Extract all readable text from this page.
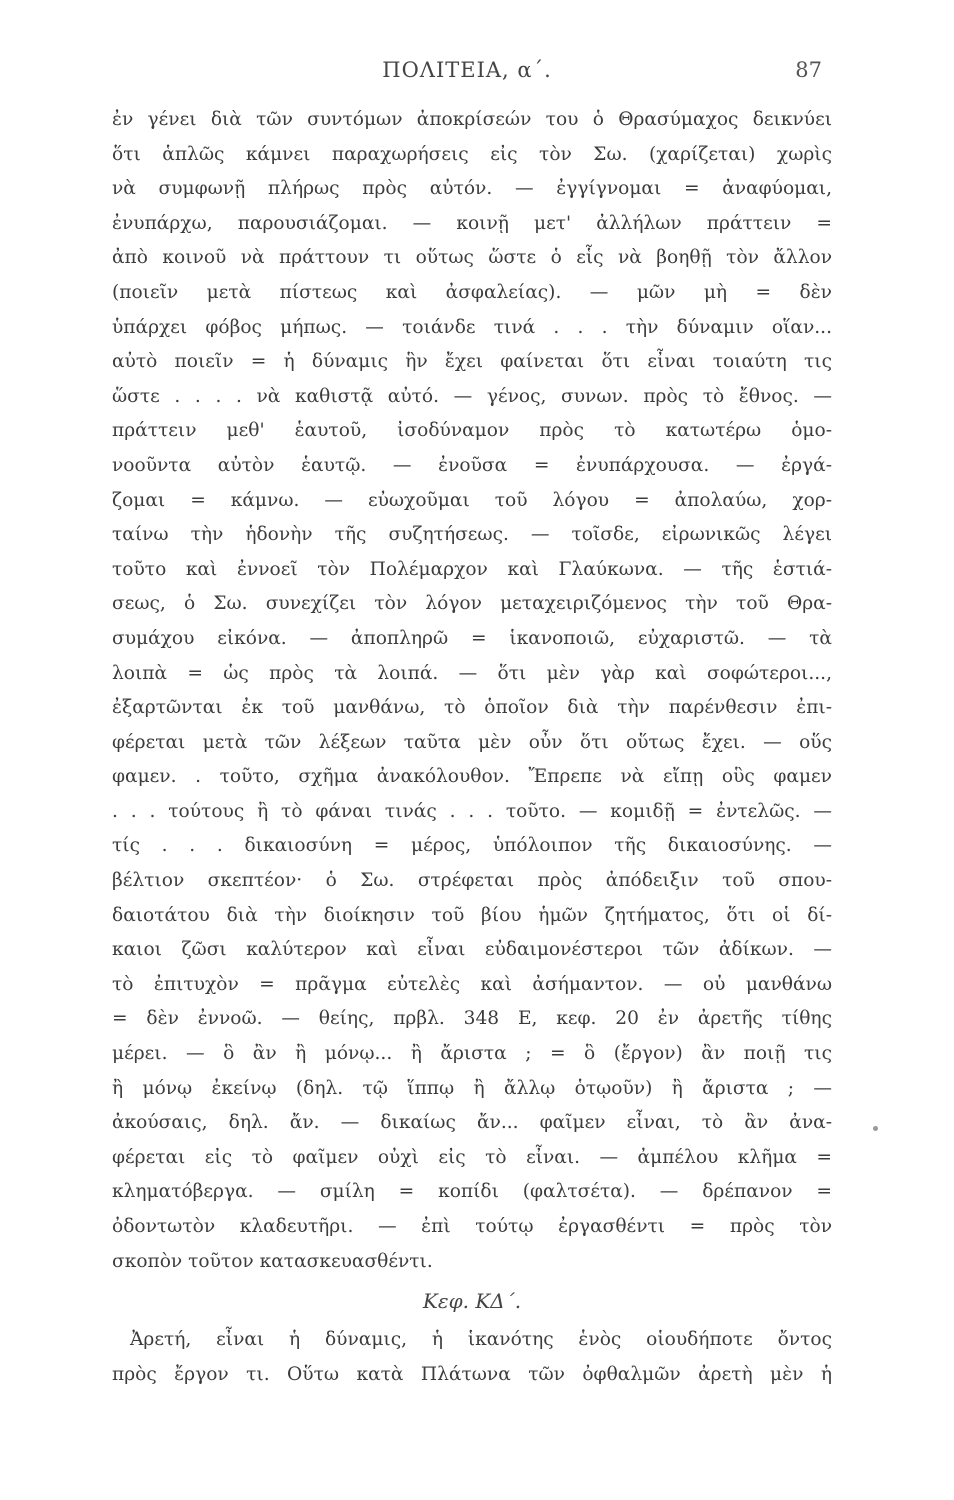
ΠΟΛΙΤΕΙΑ, α΄.	87
ἐν γένει διὰ τῶν συντόμων ἀποκρίσεών του ὁ Θρασύμαχος δεικνύει
ὅτι ἁπλῶς κάμνει παραχωρήσεις εἰς τὸν Σω. (χαρίζεται) χωρὶς
νὰ συμφωνῇ πλήρως πρὸς αὐτόν. — ἐγγίγνομαι = ἀναφύομαι,
ἐνυπάρχω, παρουσιάζομαι. — κοινῇ μετ' ἀλλήλων πράττειν =
ἀπὸ κοινοῦ νὰ πράττουν τι οὕτως ὥστε ὁ εἷς νὰ βοηθῇ τὸν ἄλλον
(ποιεῖν μετὰ πίστεως καὶ ἀσφαλείας). — μῶν μὴ = δὲν
ὑπάρχει φόβος μήπως. — τοιάνδε τινά . . . τὴν δύναμιν οἵαν...
αὐτὸ ποιεῖν = ἡ δύναμις ἣν ἔχει φαίνεται ὅτι εἶναι τοιαύτη τις
ὥστε . . . . νὰ καθιστᾷ αὐτό. — γένος, συνων. πρὸς τὸ ἔθνος. —
πράττειν μεθ' ἑαυτοῦ, ἰσοδύναμον πρὸς τὸ κατωτέρω ὁμο-
νοοῦντα αὐτὸν ἑαυτῷ. — ἐνοῦσα = ἐνυπάρχουσα. — ἐργά-
ζομαι = κάμνω. — εὐωχοῦμαι τοῦ λόγου = ἀπολαύω, χορ-
ταίνω τὴν ἡδονὴν τῆς συζητήσεως. — τοῖσδε, εἰρωνικῶς λέγει
τοῦτο καὶ ἐννοεῖ τὸν Πολέμαρχον καὶ Γλαύκωνα. — τῆς ἑστιά-
σεως, ὁ Σω. συνεχίζει τὸν λόγον μεταχειριζόμενος τὴν τοῦ Θρα-
συμάχου εἰκόνα. — ἀποπληρῶ = ἱκανοποιῶ, εὐχαριστῶ. — τὰ
λοιπὰ = ὡς πρὸς τὰ λοιπά. — ὅτι μὲν γὰρ καὶ σοφώτεροι...,
ἐξαρτῶνται ἐκ τοῦ μανθάνω, τὸ ὁποῖον διὰ τὴν παρένθεσιν ἐπι-
φέρεται μετὰ τῶν λέξεων ταῦτα μὲν οὖν ὅτι οὕτως ἔχει. — οὕς
φαμεν. . τοῦτο, σχῆμα ἀνακόλουθον. Ἔπρεπε νὰ εἴπῃ οὓς φαμεν
. . . τούτους ἢ τὸ φάναι τινάς . . . τοῦτο. — κομιδῇ = ἐντελῶς. —
τίς . . . δικαιοσύνη = μέρος, ὑπόλοιπον τῆς δικαιοσύνης. —
βέλτιον σκεπτέον· ὁ Σω. στρέφεται πρὸς ἀπόδειξιν τοῦ σπου-
δαιοτάτου διὰ τὴν διοίκησιν τοῦ βίου ἡμῶν ζητήματος, ὅτι οἱ δί-
καιοι ζῶσι καλύτερον καὶ εἶναι εὐδαιμονέστεροι τῶν ἀδίκων. —
τὸ ἐπιτυχὸν = πρᾶγμα εὐτελὲς καὶ ἀσήμαντον. — οὐ μανθάνω
= δὲν ἐννοῶ. — θείης, πρβλ. 348 Ε, κεφ. 20 ἐν ἀρετῆς τίθης
μέρει. — ὃ ἂν ἢ μόνῳ... ἢ ἄριστα ; = ὃ (ἔργον) ἂν ποιῇ τις
ἢ μόνῳ ἐκείνῳ (δηλ. τῷ ἵππῳ ἢ ἄλλῳ ὁτῳοῦν) ἢ ἄριστα ; —
ἀκούσαις, δηλ. ἄν. — δικαίως ἄν... φαῖμεν εἶναι, τὸ ἂν ἀνα-
φέρεται εἰς τὸ φαῖμεν οὐχὶ εἰς τὸ εἶναι. — ἀμπέλου κλῆμα =
κληματόβεργα. — σμίλη = κοπίδι (φαλτσέτα). — δρέπανον =
ὀδοντωτὸν κλαδευτῆρι. — ἐπὶ τούτῳ ἐργασθέντι = πρὸς τὸν
σκοπὸν τοῦτον κατασκευασθέντι.
Κεφ. ΚΔ΄.
Ἀρετή, εἶναι ἡ δύναμις, ἡ ἱκανότης ἑνὸς οἱουδήποτε ὄντος
πρὸς ἔργον τι. Οὕτω κατὰ Πλάτωνα τῶν ὀφθαλμῶν ἀρετὴ μὲν ἡ
